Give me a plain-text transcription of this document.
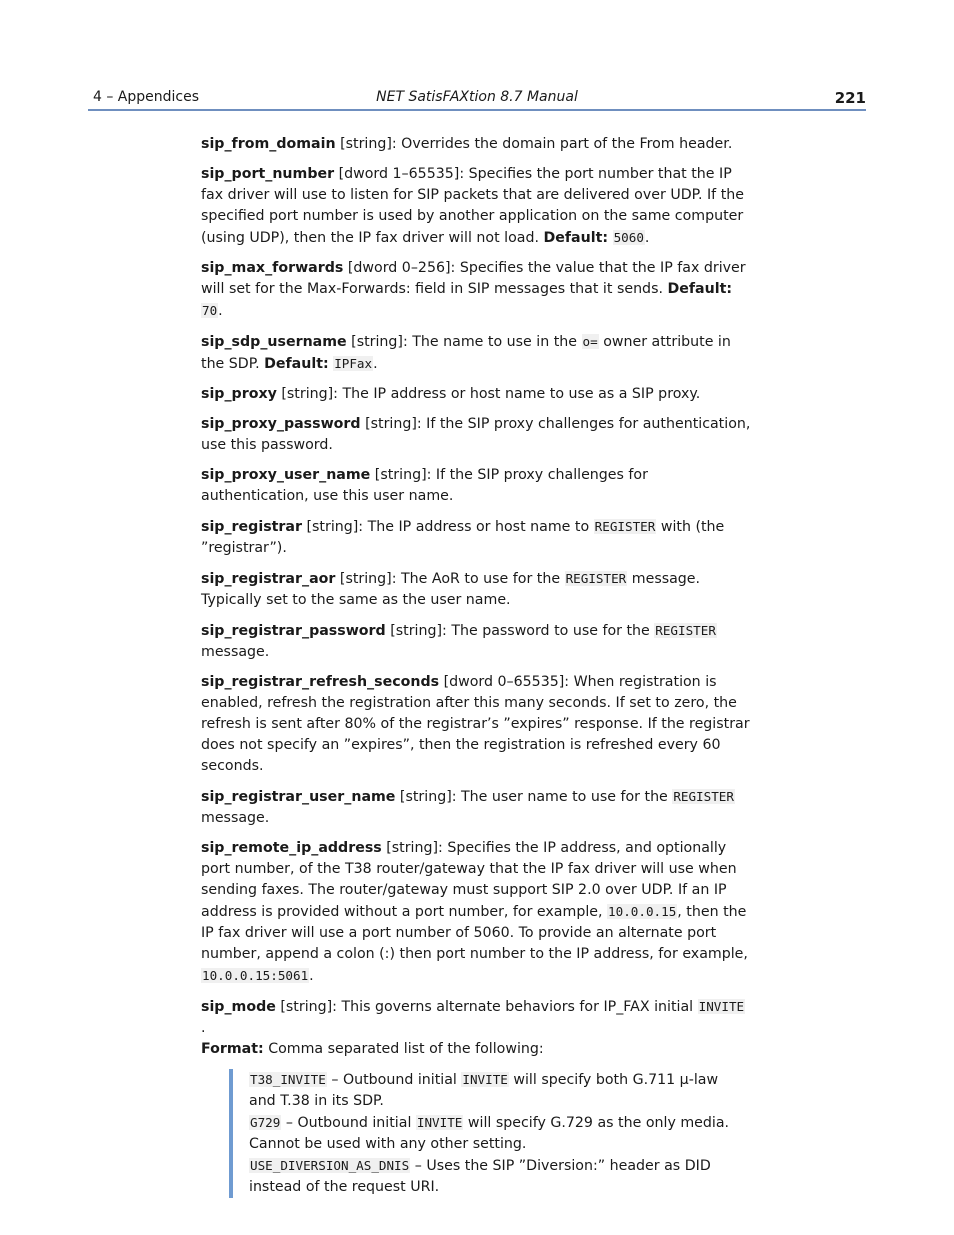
4 – Appendices	NET SatisFAXtion 8.7 Manual	221

sip_from_domain [string]: Overrides the domain part of the From header.

sip_port_number [dword 1–65535]: Specifies the port number that the IP fax driver will use to listen for SIP packets that are delivered over UDP. If the specified port number is used by another application on the same computer (using UDP), then the IP fax driver will not load. Default: 5060.

sip_max_forwards [dword 0–256]: Specifies the value that the IP fax driver will set for the Max-Forwards: field in SIP messages that it sends. Default: 70.

sip_sdp_username [string]: The name to use in the o= owner attribute in the SDP. Default: IPFax.

sip_proxy [string]: The IP address or host name to use as a SIP proxy.

sip_proxy_password [string]: If the SIP proxy challenges for authentication, use this password.

sip_proxy_user_name [string]: If the SIP proxy challenges for authentication, use this user name.

sip_registrar [string]: The IP address or host name to REGISTER with (the ”registrar”).

sip_registrar_aor [string]: The AoR to use for the REGISTER message. Typically set to the same as the user name.

sip_registrar_password [string]: The password to use for the REGISTER message.

sip_registrar_refresh_seconds [dword 0–65535]: When registration is enabled, refresh the registration after this many seconds. If set to zero, the refresh is sent after 80% of the registrar’s ”expires” response. If the registrar does not specify an ”expires”, then the registration is refreshed every 60 seconds.

sip_registrar_user_name [string]: The user name to use for the REGISTER message.

sip_remote_ip_address [string]: Specifies the IP address, and optionally port number, of the T38 router/gateway that the IP fax driver will use when sending faxes. The router/gateway must support SIP 2.0 over UDP. If an IP address is provided without a port number, for example, 10.0.0.15, then the IP fax driver will use a port number of 5060. To provide an alternate port number, append a colon (:) then port number to the IP address, for example, 10.0.0.15:5061.

sip_mode [string]: This governs alternate behaviors for IP_FAX initial INVITE .
Format: Comma separated list of the following:

T38_INVITE – Outbound initial INVITE will specify both G.711 μ-law and T.38 in its SDP.
G729 – Outbound initial INVITE will specify G.729 as the only media. Cannot be used with any other setting.
USE_DIVERSION_AS_DNIS – Uses the SIP ”Diversion:” header as DID instead of the request URI.
